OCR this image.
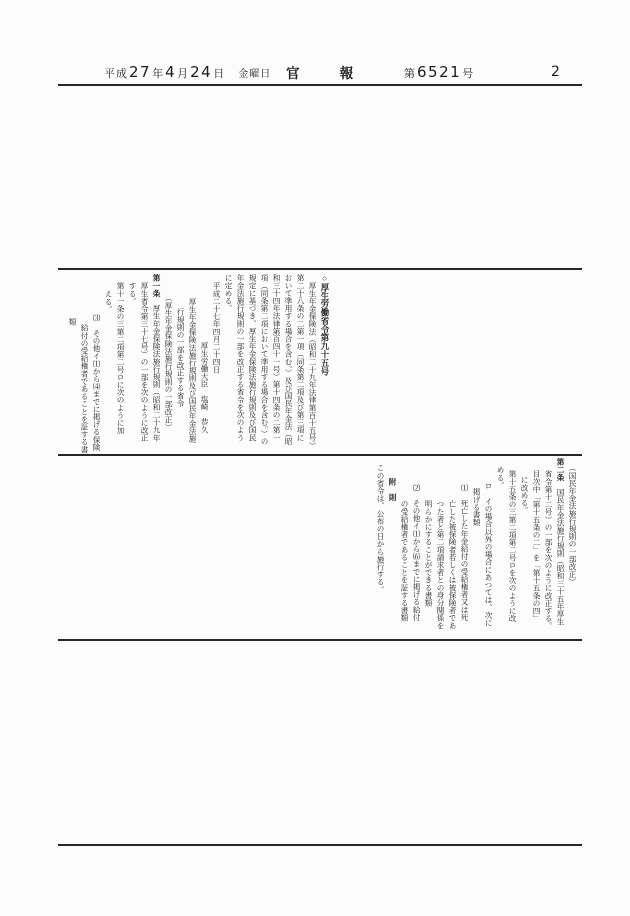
平成 27 年 4 月 24 日 金曜日 官報 第 6521 号	2

○厚生労働省令第九十五号

厚生年金保険法（昭和二十九年法律第百十五号）

第二十八条の二第一項（同条第二項及び第三項に

おいて準用する場合を含む。）及び国民年金法（昭

和三十四年法律第百四十一号）第十四条の二第一

項（同条第二項において準用する場合を含む。）の

規定に基づき、厚生年金保険法施行規則及び国民

年金法施行規則の一部を改正する省令を次のよう

に定める。

平成二十七年四月二十四日

厚生労働大臣　塩崎　恭久

厚生年金保険法施行規則及び国民年金法施

行規則の一部を改正する省令

（厚生年金保険法施行規則の一部改正）

第一条　厚生年金保険法施行規則（昭和二十九年

厚生省令第三十七号）の一部を次のように改正

する。

第十一条の三第二項第二号ロに次のように加

える。

⑶　その他イ⑴から⑷までに掲げる保険

給付の受給権者であることを証する書

類

（国民年金法施行規則の一部改正）

第二条　国民年金法施行規則（昭和三十五年厚生

省令第十二号）の一部を次のように改正する。

目次中「第十五条の二」を「第十五条の四」

に改める。

第十五条の三第二項第二号ロを次のように改

める。

ロ　イの場合以外の場合にあつては、次に

掲げる書類

⑴　死亡した年金給付の受給権者又は死

亡した被保険者若しくは被保険者であ

つた者と第二項請求者との身分関係を

明らかにすることができる書類

⑵　その他イ⑴から⑹までに掲げる給付

の受給権者であることを証する書類

附　則

この省令は、公布の日から施行する。
